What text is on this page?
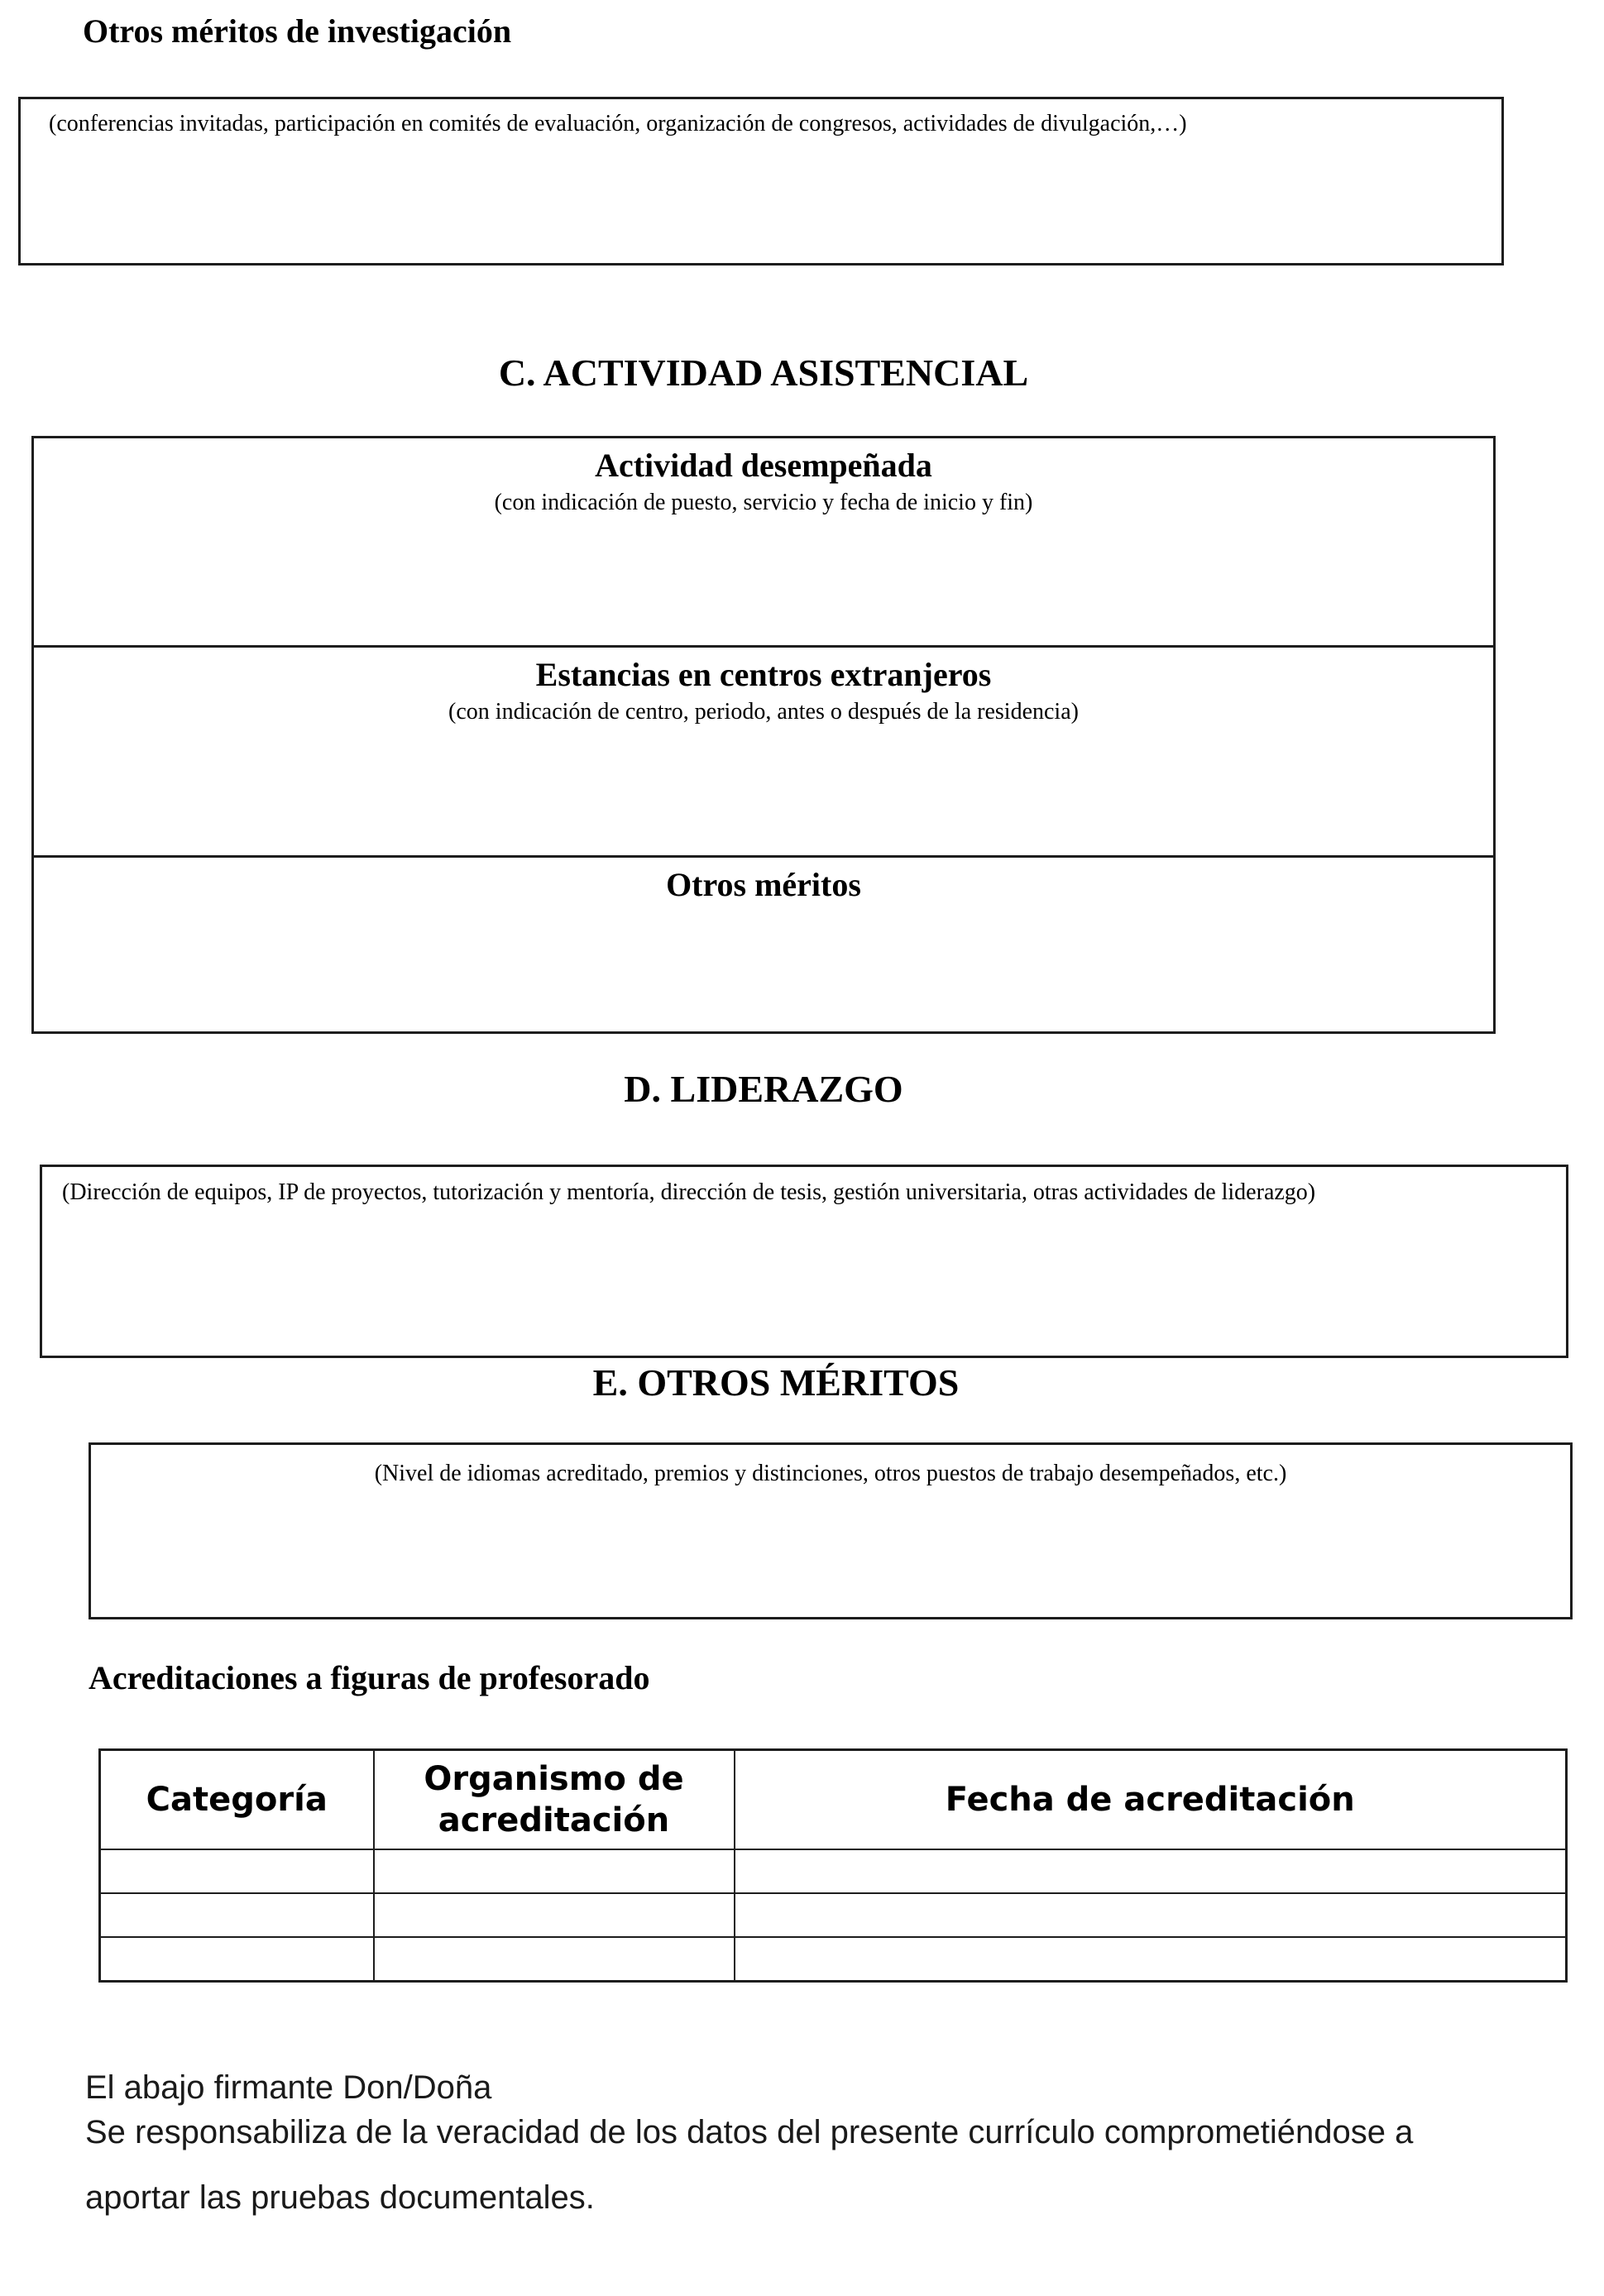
Otros méritos de investigación
(conferencias invitadas, participación en comités de evaluación, organización de congresos, actividades de divulgación,…)
C. ACTIVIDAD ASISTENCIAL
Actividad desempeñada
(con indicación de puesto, servicio y fecha de inicio y fin)
Estancias en centros extranjeros
(con indicación de centro, periodo, antes o después de la residencia)
Otros méritos
D. LIDERAZGO
(Dirección de equipos, IP de proyectos, tutorización y mentoría, dirección de tesis, gestión universitaria, otras actividades de liderazgo)
E. OTROS MÉRITOS
(Nivel de idiomas acreditado, premios y distinciones, otros puestos de trabajo desempeñados, etc.)
Acreditaciones a figuras de profesorado
Categoría	Organismo de acreditación	Fecha de acreditación

El abajo firmante Don/Doña
Se responsabiliza de la veracidad de los datos del presente currículo comprometiéndose a
aportar las pruebas documentales.
